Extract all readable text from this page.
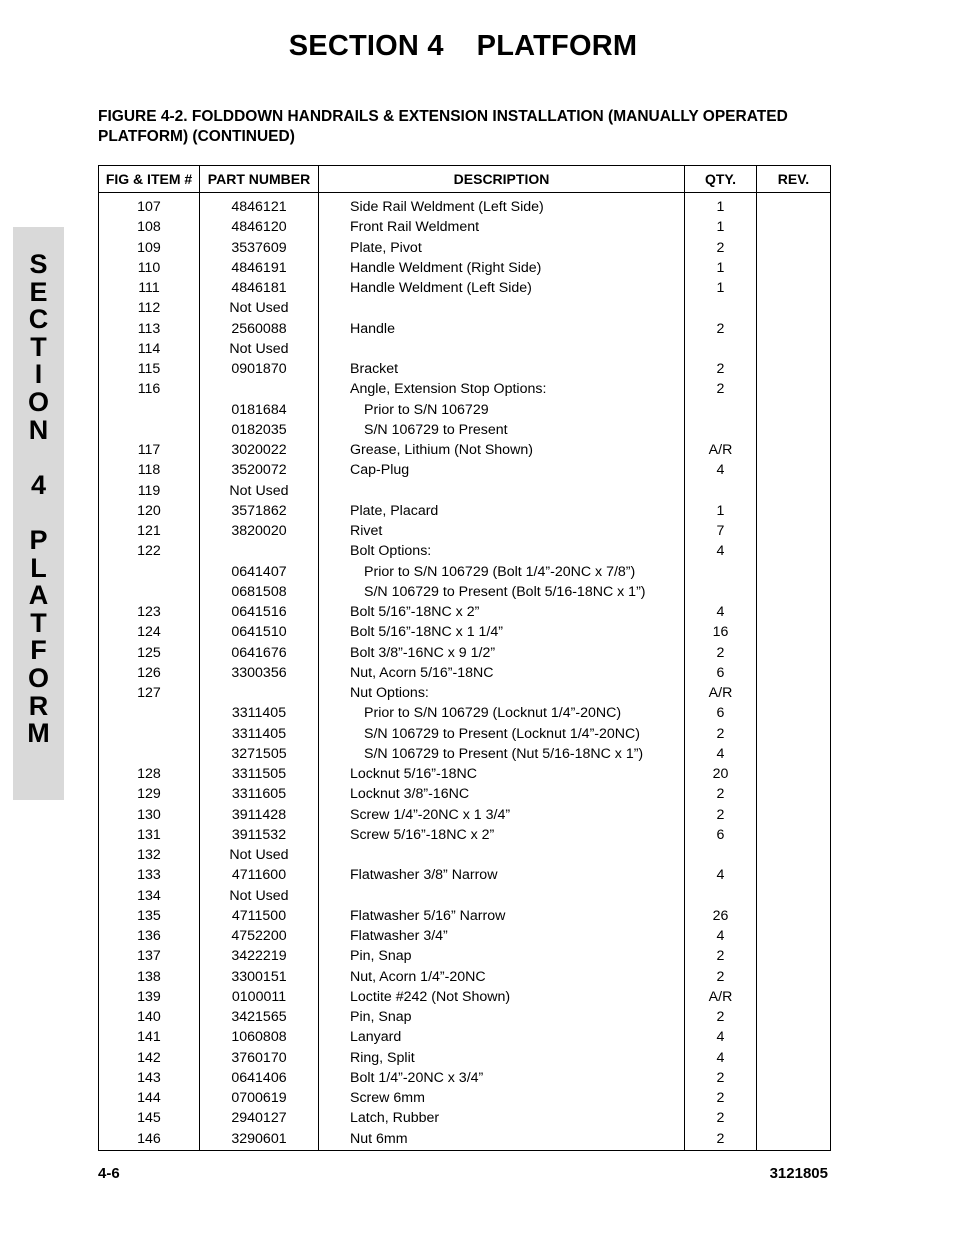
SECTION 4    PLATFORM
FIGURE 4-2. FOLDDOWN HANDRAILS & EXTENSION INSTALLATION (MANUALLY OPERATED PLATFORM) (CONTINUED)
S
E
C
T
I
O
N
4
P
L
A
T
F
O
R
M
FIG & ITEM #	PART NUMBER	DESCRIPTION	QTY.	REV.
107	4846121	Side Rail Weldment (Left Side)	1	
108	4846120	Front Rail Weldment	1	
109	3537609	Plate, Pivot	2	
110	4846191	Handle Weldment (Right Side)	1	
111	4846181	Handle Weldment (Left Side)	1	
112	Not Used			
113	2560088	Handle	2	
114	Not Used			
115	0901870	Bracket	2	
116		Angle, Extension Stop Options:	2	
	0181684	Prior to S/N 106729		
	0182035	S/N 106729 to Present		
117	3020022	Grease, Lithium (Not Shown)	A/R	
118	3520072	Cap-Plug	4	
119	Not Used			
120	3571862	Plate, Placard	1	
121	3820020	Rivet	7	
122		Bolt Options:	4	
	0641407	Prior to S/N 106729 (Bolt 1/4”-20NC x 7/8”)		
	0681508	S/N 106729 to Present (Bolt 5/16-18NC x 1”)		
123	0641516	Bolt 5/16”-18NC x 2”	4	
124	0641510	Bolt 5/16”-18NC x 1 1/4”	16	
125	0641676	Bolt 3/8”-16NC x 9 1/2”	2	
126	3300356	Nut, Acorn 5/16”-18NC	6	
127		Nut Options:	A/R	
	3311405	Prior to S/N 106729 (Locknut 1/4”-20NC)	6	
	3311405	S/N 106729 to Present (Locknut 1/4”-20NC)	2	
	3271505	S/N 106729 to Present (Nut 5/16-18NC x 1”)	4	
128	3311505	Locknut 5/16”-18NC	20	
129	3311605	Locknut 3/8”-16NC	2	
130	3911428	Screw 1/4”-20NC x 1 3/4”	2	
131	3911532	Screw 5/16”-18NC x 2”	6	
132	Not Used			
133	4711600	Flatwasher 3/8” Narrow	4	
134	Not Used			
135	4711500	Flatwasher 5/16” Narrow	26	
136	4752200	Flatwasher 3/4”	4	
137	3422219	Pin, Snap	2	
138	3300151	Nut, Acorn 1/4”-20NC	2	
139	0100011	Loctite #242 (Not Shown)	A/R	
140	3421565	Pin, Snap	2	
141	1060808	Lanyard	4	
142	3760170	Ring, Split	4	
143	0641406	Bolt 1/4”-20NC x 3/4”	2	
144	0700619	Screw 6mm	2	
145	2940127	Latch, Rubber	2	
146	3290601	Nut 6mm	2	
4-6	3121805
